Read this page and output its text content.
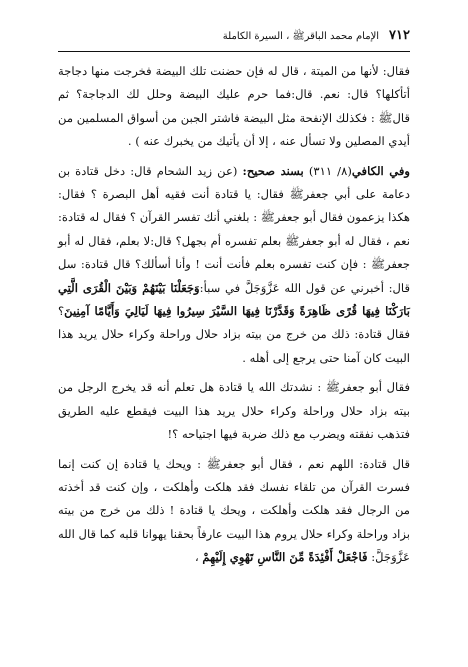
٧١٢
الإمام محمد الباقرﷺ ، السيرة الكاملة

فقال: لأنها من الميتة ، قال له فإن حضنت تلك البيضة فخرجت منها دجاجة أتأكلها؟ قال: نعم. قال:فما حرم عليك البيضة وحلل لك الدجاجة؟ ثم قالﷺ : فكذلك الإنفحة مثل البيضة فاشتر الجبن من أسواق المسلمين من أيدي المصلين ولا تسأل عنه ، إلا أن يأتيك من يخبرك عنه ) .

وفي الكافي(٨/ ٣١١) بسند صحيح: (عن زيد الشحام قال: دخل قتادة بن دعامة على أبي جعفرﷺ فقال: يا قتادة أنت فقيه أهل البصرة ؟ فقال: هكذا يزعمون فقال أبو جعفرﷺ : بلغني أنك تفسر القرآن ؟ فقال له قتادة: نعم ، فقال له أبو جعفرﷺ بعلم تفسره أم بجهل؟ قال:لا بعلم، فقال له أبو جعفرﷺ : فإن كنت تفسره بعلم فأنت أنت ! وأنا أسألك؟ قال قتادة: سل قال: أخبرني عن قول الله عَزَّوَجَلَّ في سبأ:وَجَعَلْنَا بَيْنَهُمْ وَبَيْنَ الْقُرَى الَّتِي بَارَكْنَا فِيهَا قُرًى ظَاهِرَةً وَقَدَّرْنَا فِيهَا السَّيْرَ سِيرُوا فِيهَا لَيَالِيَ وَأَيَّامًا آمِنِينَ؟ فقال قتادة: ذلك من خرج من بيته بزاد حلال وراحلة وكراء حلال يريد هذا البيت كان آمنا حتى يرجع إلى أهله .

فقال أبو جعفرﷺ : نشدتك الله يا قتادة هل تعلم أنه قد يخرج الرجل من بيته بزاد حلال وراحلة وكراء حلال يريد هذا البيت فيقطع عليه الطريق فتذهب نفقته ويضرب مع ذلك ضربة فيها اجتياحه ؟!

قال قتادة: اللهم نعم ، فقال أبو جعفرﷺ : ويحك يا قتادة إن كنت إنما فسرت القرآن من تلقاء نفسك فقد هلكت وأهلكت ، وإن كنت قد أخذته من الرجال فقد هلكت وأهلكت ، ويحك يا قتادة ! ذلك من خرج من بيته بزاد وراحلة وكراء حلال يروم هذا البيت عارفاً بحقنا يهوانا قلبه كما قال الله عَزَّوَجَلَّ: فَاجْعَلْ أَفْئِدَةً مِّنَ النَّاسِ تَهْوِي إِلَيْهِمْ ،
